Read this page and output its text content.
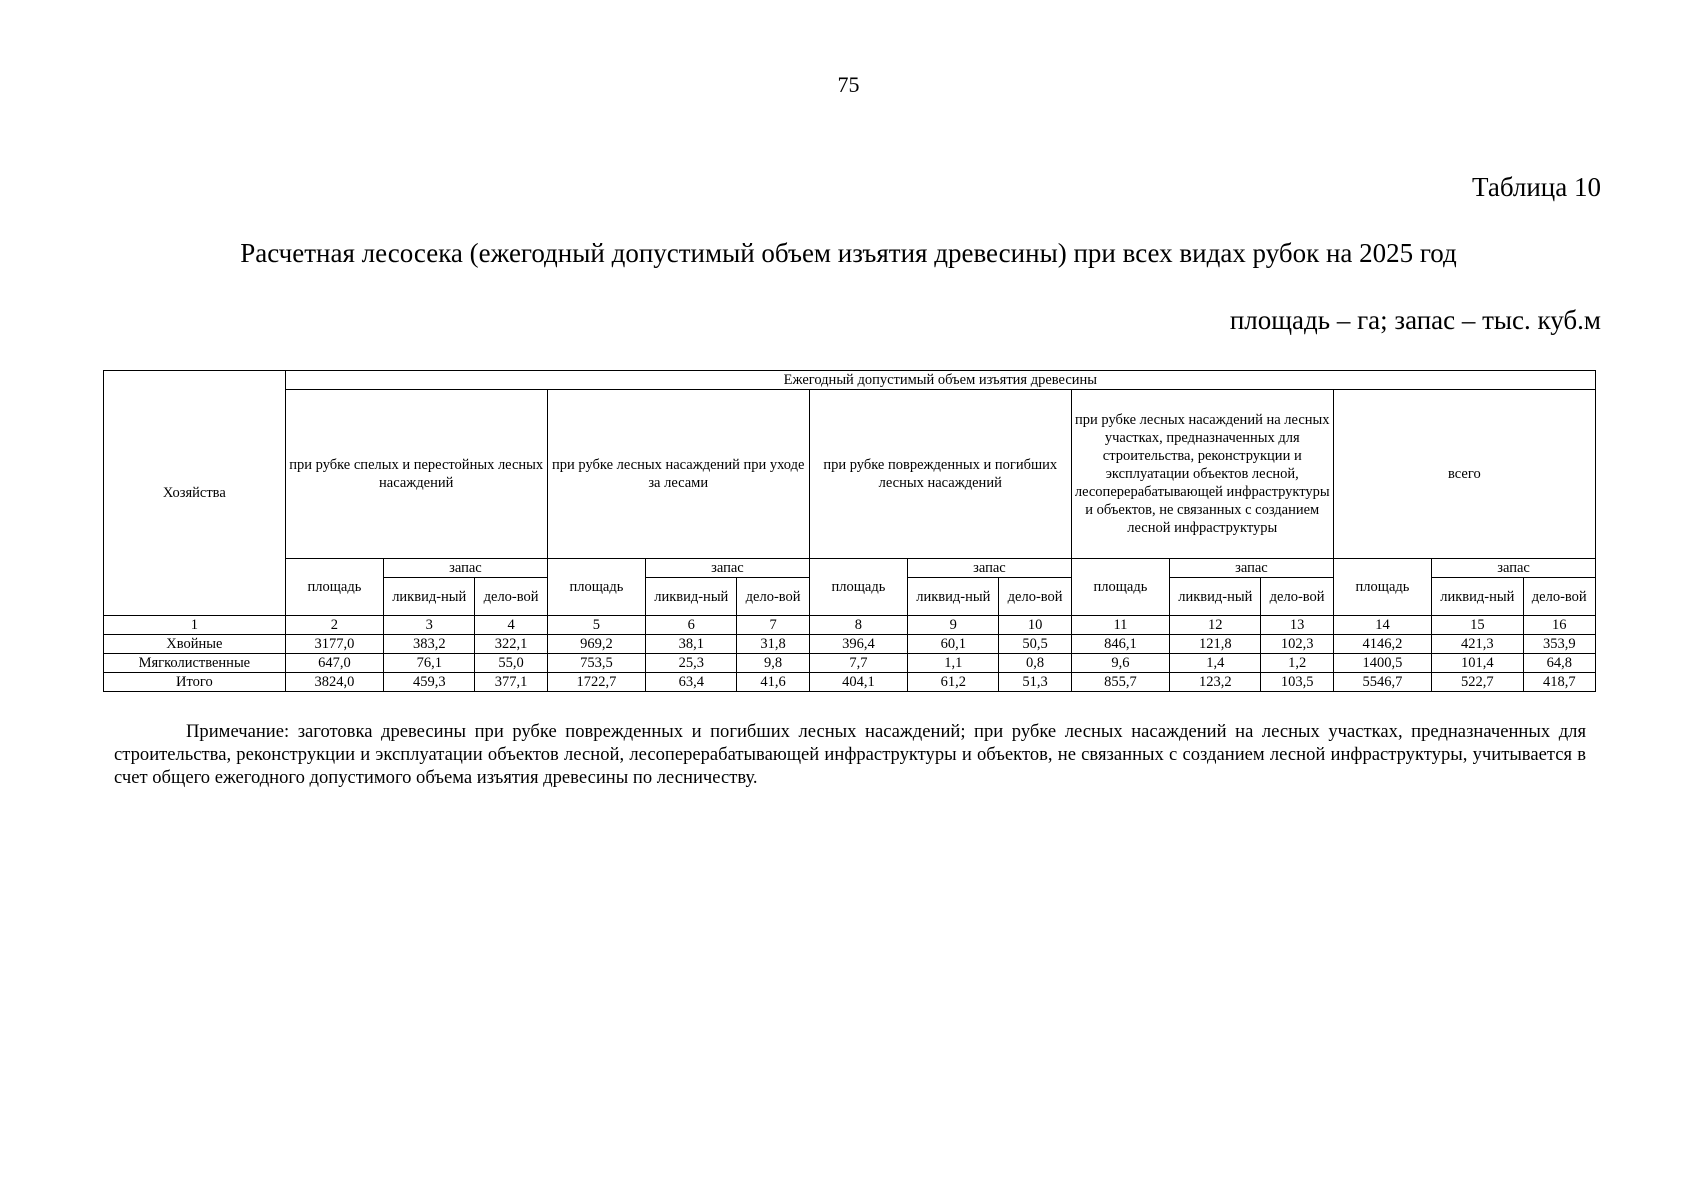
75
Таблица 10
Расчетная лесосека (ежегодный допустимый объем изъятия древесины) при всех видах рубок на 2025 год
площадь – га; запас – тыс. куб.м
Хозяйства	Ежегодный допустимый объем изъятия древесины														
	при рубке спелых и перестойных лесных насаждений			при рубке лесных насаждений при уходе за лесами			при рубке поврежденных и погибших лесных насаждений			при рубке лесных насаждений на лесных участках, предназначенных для строительства, реконструкции и эксплуатации объектов лесной, лесоперерабатывающей инфраструктуры и объектов, не связанных с созданием лесной инфраструктуры			всего		
	площадь	запас		площадь	запас		площадь	запас		площадь	запас		площадь	запас	
		ликвид-ный	дело-вой		ликвид-ный	дело-вой		ликвид-ный	дело-вой		ликвид-ный	дело-вой		ликвид-ный	дело-вой
1	2	3	4	5	6	7	8	9	10	11	12	13	14	15	16
Хвойные	3177,0	383,2	322,1	969,2	38,1	31,8	396,4	60,1	50,5	846,1	121,8	102,3	4146,2	421,3	353,9
Мягколиственные	647,0	76,1	55,0	753,5	25,3	9,8	7,7	1,1	0,8	9,6	1,4	1,2	1400,5	101,4	64,8
Итого	3824,0	459,3	377,1	1722,7	63,4	41,6	404,1	61,2	51,3	855,7	123,2	103,5	5546,7	522,7	418,7
Примечание: заготовка древесины при рубке поврежденных и погибших лесных насаждений; при рубке лесных насаждений на лесных участках, предназначенных для строительства, реконструкции и эксплуатации объектов лесной, лесоперерабатывающей инфраструктуры и объектов, не связанных с созданием лесной инфраструктуры, учитывается в счет общего ежегодного допустимого объема изъятия древесины по лесничеству.
